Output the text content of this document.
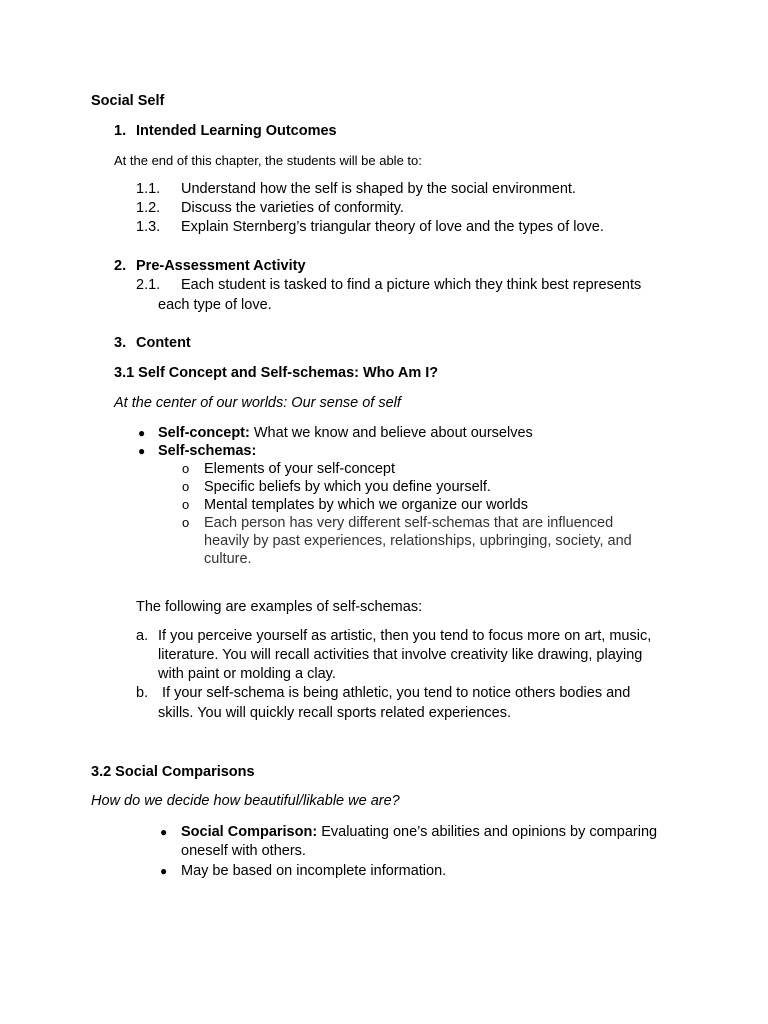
Social Self
1. Intended Learning Outcomes
At the end of this chapter, the students will be able to:
1.1. Understand how the self is shaped by the social environment.
1.2. Discuss the varieties of conformity.
1.3. Explain Sternberg’s triangular theory of love and the types of love.
2. Pre-Assessment Activity
2.1. Each student is tasked to find a picture which they think best represents
each type of love.
3. Content
3.1 Self Concept and Self-schemas: Who Am I?
At the center of our worlds: Our sense of self
● Self-concept: What we know and believe about ourselves
● Self-schemas:
o Elements of your self-concept
o Specific beliefs by which you define yourself.
o Mental templates by which we organize our worlds
o Each person has very different self-schemas that are influenced
heavily by past experiences, relationships, upbringing, society, and
culture.
The following are examples of self-schemas:
a. If you perceive yourself as artistic, then you tend to focus more on art, music,
literature. You will recall activities that involve creativity like drawing, playing
with paint or molding a clay.
b. If your self-schema is being athletic, you tend to notice others bodies and
skills. You will quickly recall sports related experiences.
3.2 Social Comparisons
How do we decide how beautiful/likable we are?
● Social Comparison: Evaluating one’s abilities and opinions by comparing
oneself with others.
● May be based on incomplete information.
